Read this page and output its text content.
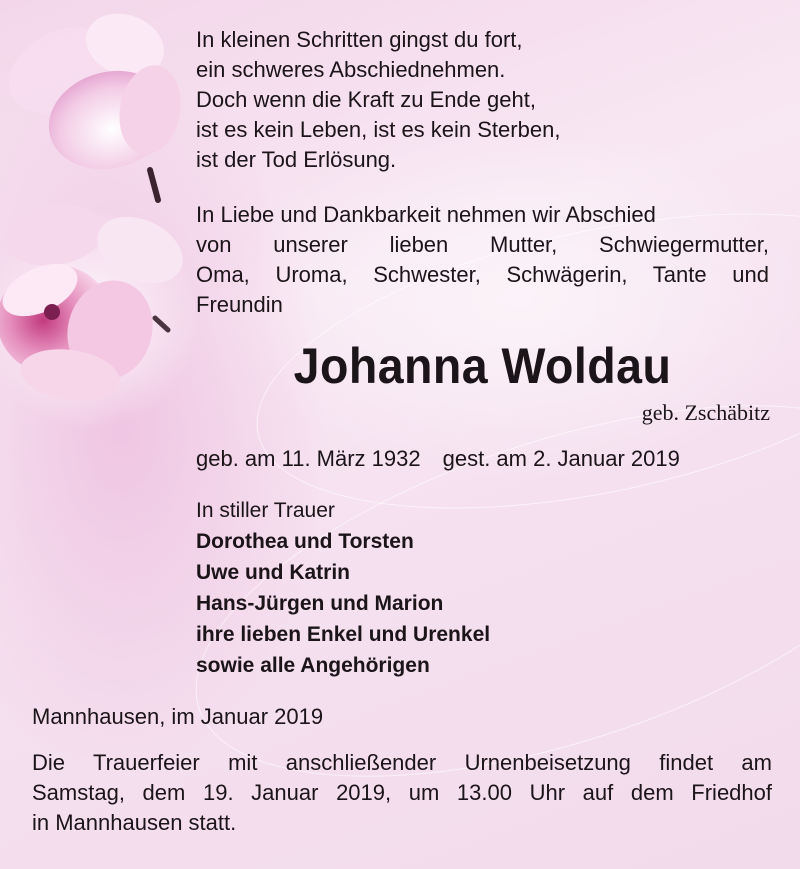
In kleinen Schritten gingst du fort,
ein schweres Abschiednehmen.
Doch wenn die Kraft zu Ende geht,
ist es kein Leben, ist es kein Sterben,
ist der Tod Erlösung.
In Liebe und Dankbarkeit nehmen wir Abschied
von unserer lieben Mutter, Schwiegermutter,
Oma, Uroma, Schwester, Schwägerin, Tante und
Freundin
Johanna Woldau
geb. Zschäbitz
geb. am 11. März 1932 gest. am 2. Januar 2019
In stiller Trauer
Dorothea und Torsten
Uwe und Katrin
Hans-Jürgen und Marion
ihre lieben Enkel und Urenkel
sowie alle Angehörigen
Mannhausen, im Januar 2019
Die Trauerfeier mit anschließender Urnenbeisetzung findet am
Samstag, dem 19. Januar 2019, um 13.00 Uhr auf dem Friedhof
in Mannhausen statt.
